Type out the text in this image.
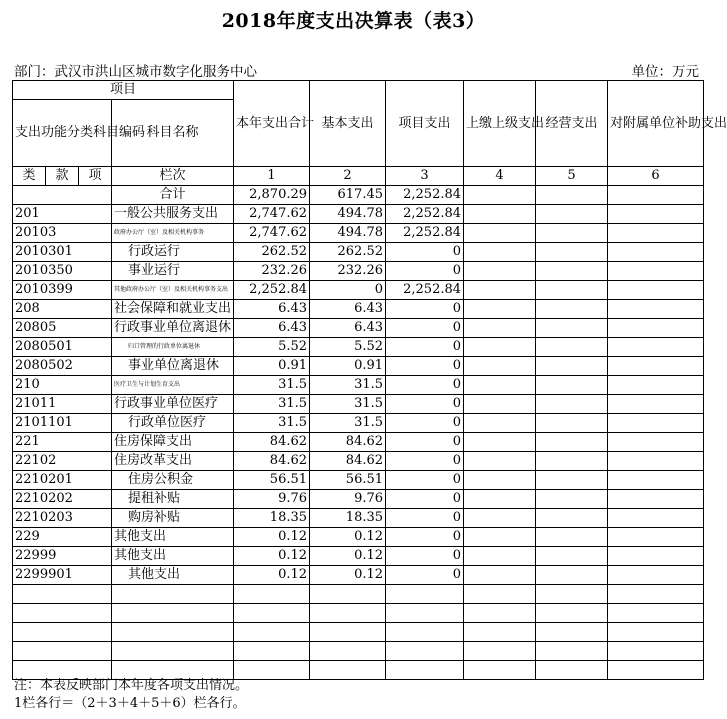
2018年度支出决算表（表3）
部门：武汉市洪山区城市数字化服务中心	单位：万元
项目				本年支出合计	基本支出	项目支出	上缴上级支出	经营支出	对附属单位补助支出
支出功能分类科目编码			科目名称						
类	款	项		1	2	3	4	5	6
			栏次						
			合计	2,870.29	617.45	2,252.84			
201			一般公共服务支出	2,747.62	494.78	2,252.84			
20103			政府办公厅（室）及相关机构事务	2,747.62	494.78	2,252.84			
2010301			行政运行	262.52	262.52	0			
2010350			事业运行	232.26	232.26	0			
2010399			其他政府办公厅（室）及相关机构事务支出	2,252.84	0	2,252.84			
208			社会保障和就业支出	6.43	6.43	0			
20805			行政事业单位离退休	6.43	6.43	0			
2080501			归口管理的行政单位离退休	5.52	5.52	0			
2080502			事业单位离退休	0.91	0.91	0			
210			医疗卫生与计划生育支出	31.5	31.5	0			
21011			行政事业单位医疗	31.5	31.5	0			
2101101			行政单位医疗	31.5	31.5	0			
221			住房保障支出	84.62	84.62	0			
22102			住房改革支出	84.62	84.62	0			
2210201			住房公积金	56.51	56.51	0			
2210202			提租补贴	9.76	9.76	0			
2210203			购房补贴	18.35	18.35	0			
229			其他支出	0.12	0.12	0			
22999			其他支出	0.12	0.12	0			
2299901			其他支出	0.12	0.12	0			

注：本表反映部门本年度各项支出情况。
1栏各行＝（2＋3＋4＋5＋6）栏各行。
